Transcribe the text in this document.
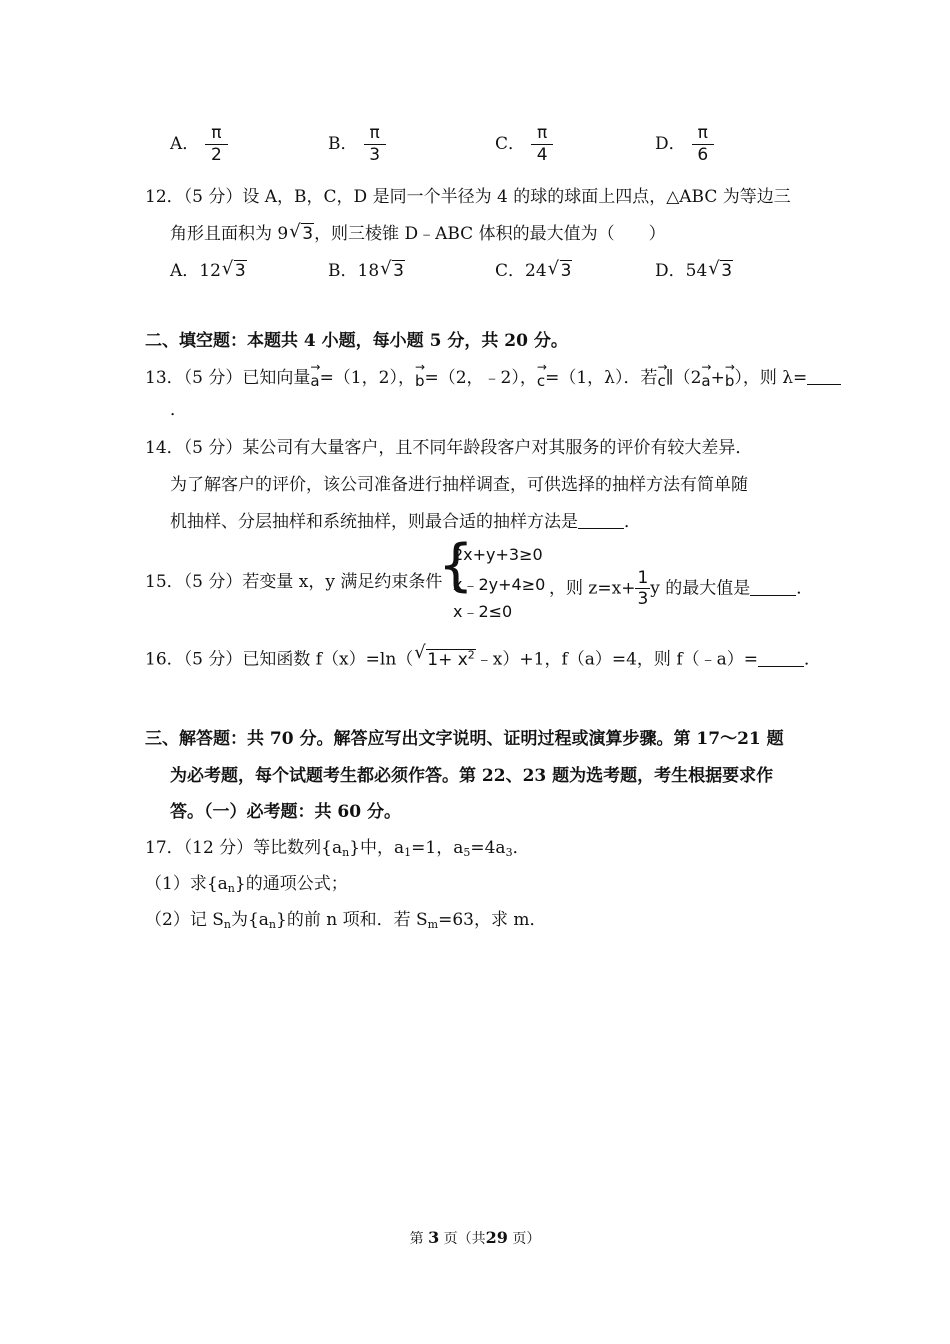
A． $\frac{\pi}{2}$	B． $\frac{\pi}{3}$	C． $\frac{\pi}{4}$	D． $\frac{\pi}{6}$
12．（5 分）设 A，B，C，D 是同一个半径为 4 的球的球面上四点，△ABC 为等边三
角形且面积为 9 √ 3，则三棱锥 D﹣ABC 体积的最大值为（　　）
A．12 √ 3	B．18 √ 3	C．24 √ 3	D．54 √ 3
二、填空题：本题共 4 小题，每小题 5 分，共 20 分。
13．（5 分）已知向量
→
a=（1，2），
→
b=（2，﹣2），
→
c=（1，λ）．若
→
c∥（2
→
a+
→
b），则 λ=
．
14．（5 分）某公司有大量客户，且不同年龄段客户对其服务的评价有较大差异．
为了解客户的评价，该公司准备进行抽样调查，可供选择的抽样方法有简单随
机抽样、分层抽样和系统抽样，则最合适的抽样方法是	．
15．（5 分）若变量 x，y 满足约束条件
{
2x+y+3≥0
x﹣2y+4≥0
x﹣2≤0
，则 $z=x+ \frac{1}{3}$ y 的最大值是	．
16．（5 分）已知函数 f（x）=ln（ √ $1+ x^2﹣x)+1$，f（a）=4，则 f（﹣a）=	．
三、解答题：共 70 分。解答应写出文字说明、证明过程或演算步骤。第 17～21 题
为必考题，每个试题考生都必须作答。第 22、23 题为选考题，考生根据要求作
答。（一）必考题：共 60 分。
17．（12 分）等比数列$\{a_n\}$中，$a_1=1$，$a_5=4a_3$．
（1）求$\{a_n\}$的通项公式；
（2）记 $S_n$为$\{a_n\}$的前 n 项和．若 $S_m=63$，求 m．
第 3 页（共29 页）
